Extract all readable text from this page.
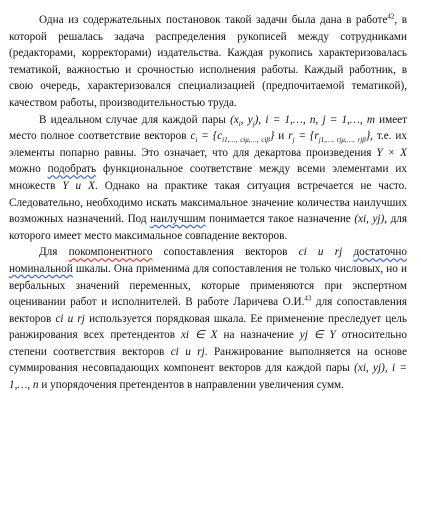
Одна из содержательных постановок такой задачи была дана в работе$^{42}$, в которой решалась задача распределения рукописей между сотрудниками (редакторами, корректорами) издательства. Каждая рукопись характеризовалась тематикой, важностью и срочностью исполнения работы. Каждый работник, в свою очередь, характеризовался специализацией (предпочитаемой тематикой), качеством работы, производительностью труда.

В идеальном случае для каждой пары ($x_i$, $y_j$), i = 1,…, n, j = 1,…, m имеет место полное соответствие векторов $c_i = \{c_{i1,\dots, ci\mu,\dots, ci\beta}\}$ и $r_j = \{r_{j1,\dots, rj\mu,\dots, rj\beta}\}$, т.е. их элементы попарно равны. Это означает, что для декартова произведения Y × X можно подобрать функциональное соответствие между всеми элементами их множеств Y и X. Однако на практике такая ситуация встречается не часто. Следовательно, необходимо искать максимальное значение количества наилучших возможных назначений. Под наилучшим понимается такое назначение (xi, yj), для которого имеет место максимальное совпадение векторов.

Для покомпонентного сопоставления векторов ci и rj достаточно номинальной шкалы. Она применима для сопоставления не только числовых, но и вербальных значений переменных, которые применяются при экспертном оценивании работ и исполнителей. В работе Ларичева О.И.$^{43}$ для сопоставления векторов ci и rj используется порядковая шкала. Ее применение преследует цель ранжирования всех претендентов xi ∈ X на назначение yj ∈ Y относительно степени соответствия векторов ci и rj. Ранжирование выполняется на основе суммирования несовпадающих компонент векторов для каждой пары (xi, yj), i = 1,…, n и упорядочения претендентов в направлении увеличения сумм.
